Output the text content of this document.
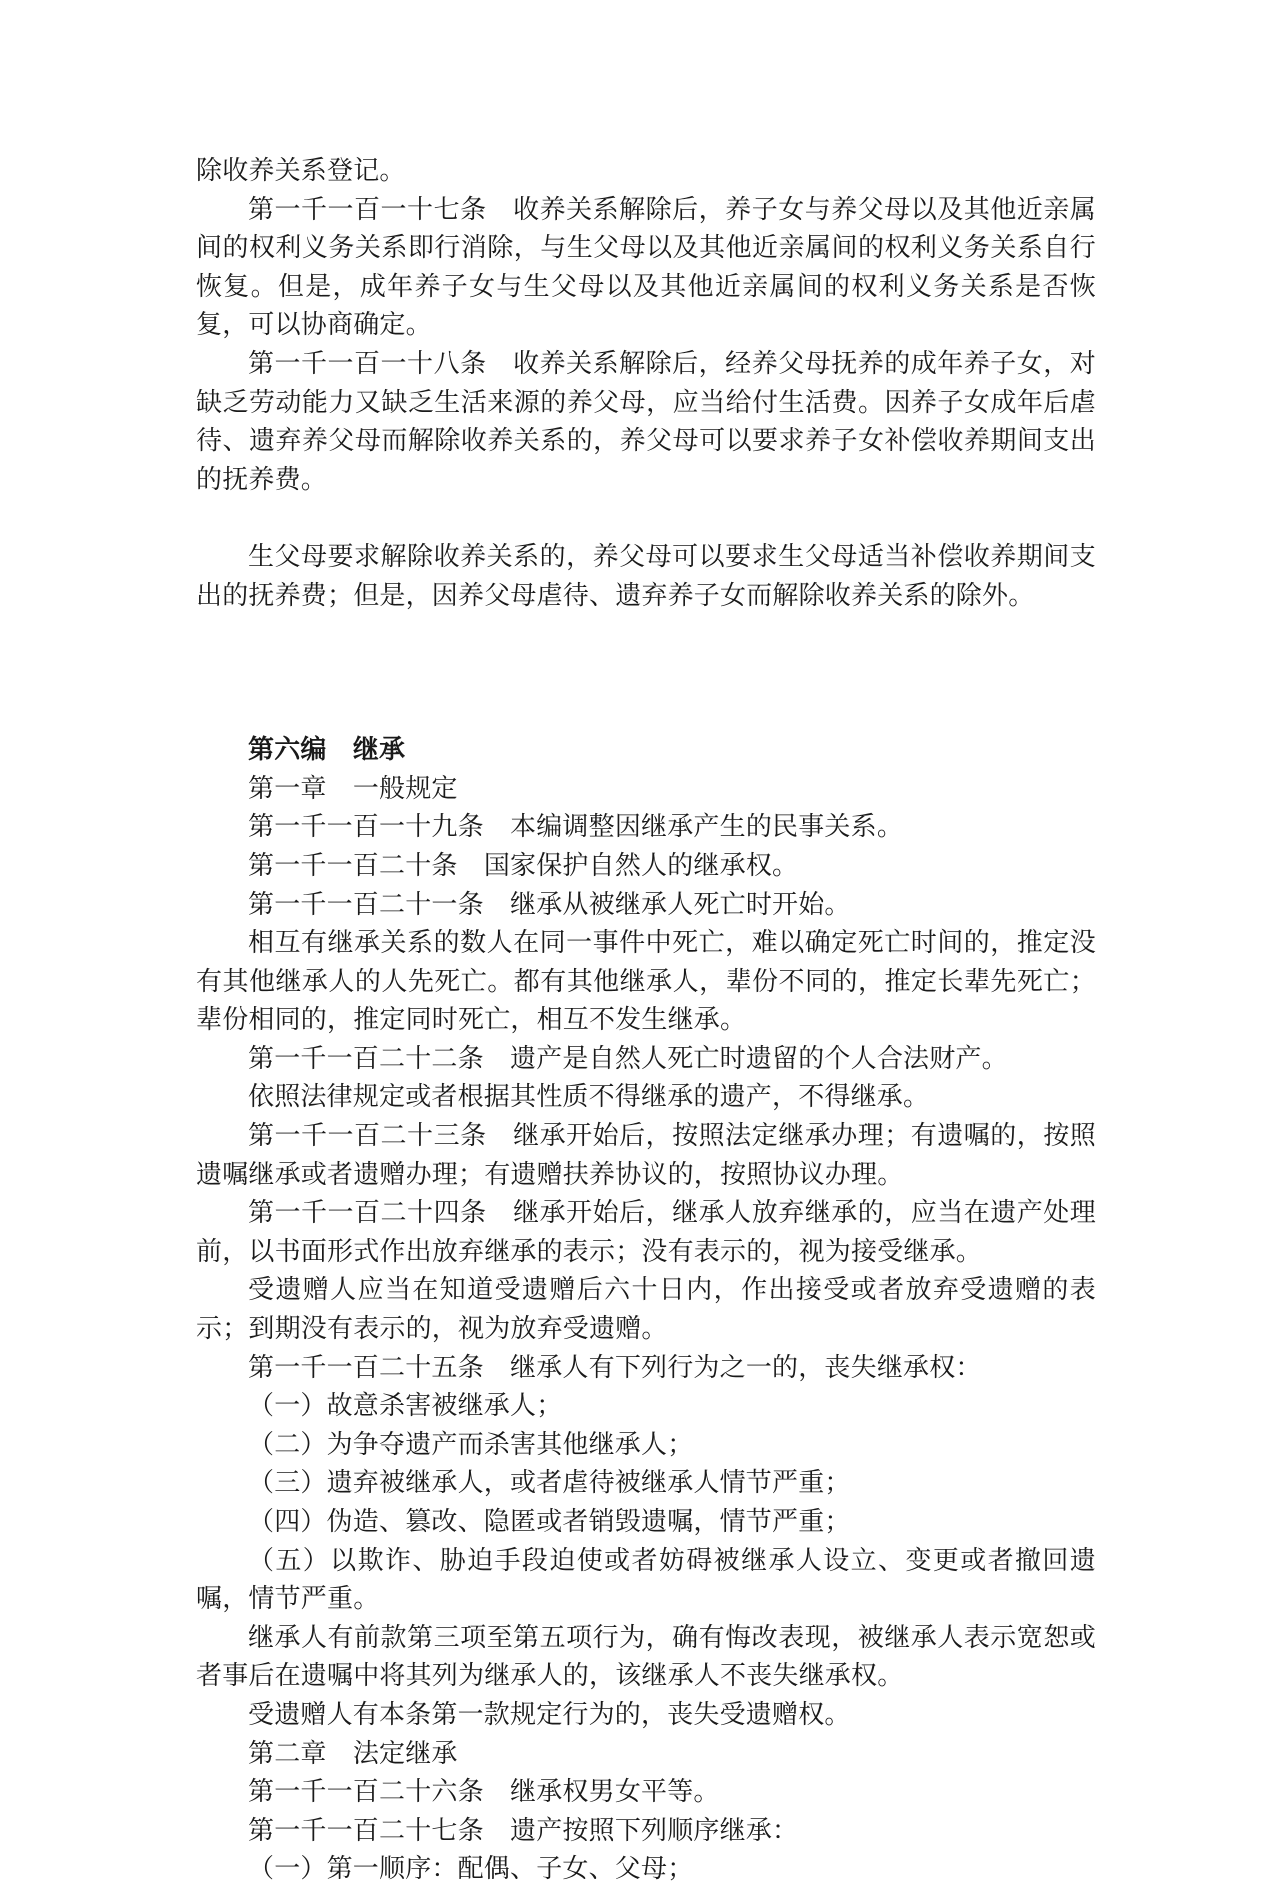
除收养关系登记。

第一千一百一十七条　 收养关系解除后，养子女与养父母以及其他近亲属间的权利义务关系即行消除，与生父母以及其他近亲属间的权利义务关系自行恢复。但是，成年养子女与生父母以及其他近亲属间的权利义务关系是否恢复，可以协商确定。

第一千一百一十八条　 收养关系解除后，经养父母抚养的成年养子女，对缺乏劳动能力又缺乏生活来源的养父母，应当给付生活费。因养子女成年后虐待、遗弃养父母而解除收养关系的，养父母可以要求养子女补偿收养期间支出的抚养费。

生父母要求解除收养关系的，养父母可以要求生父母适当补偿收养期间支出的抚养费；但是，因养父母虐待、遗弃养子女而解除收养关系的除外。

第六编　 继承

第一章　 一般规定

第一千一百一十九条　 本编调整因继承产生的民事关系。

第一千一百二十条　 国家保护自然人的继承权。

第一千一百二十一条　 继承从被继承人死亡时开始。

相互有继承关系的数人在同一事件中死亡，难以确定死亡时间的，推定没有其他继承人的人先死亡。都有其他继承人，辈份不同的，推定长辈先死亡；辈份相同的，推定同时死亡，相互不发生继承。

第一千一百二十二条　 遗产是自然人死亡时遗留的个人合法财产。

依照法律规定或者根据其性质不得继承的遗产，不得继承。

第一千一百二十三条　 继承开始后，按照法定继承办理；有遗嘱的，按照遗嘱继承或者遗赠办理；有遗赠扶养协议的，按照协议办理。

第一千一百二十四条　 继承开始后，继承人放弃继承的，应当在遗产处理前，以书面形式作出放弃继承的表示；没有表示的，视为接受继承。

受遗赠人应当在知道受遗赠后六十日内，作出接受或者放弃受遗赠的表示；到期没有表示的，视为放弃受遗赠。

第一千一百二十五条　 继承人有下列行为之一的，丧失继承权：

（一）故意杀害被继承人；

（二）为争夺遗产而杀害其他继承人；

（三）遗弃被继承人，或者虐待被继承人情节严重；

（四）伪造、篡改、隐匿或者销毁遗嘱，情节严重；

（五）以欺诈、胁迫手段迫使或者妨碍被继承人设立、变更或者撤回遗嘱，情节严重。

继承人有前款第三项至第五项行为，确有悔改表现，被继承人表示宽恕或者事后在遗嘱中将其列为继承人的，该继承人不丧失继承权。

受遗赠人有本条第一款规定行为的，丧失受遗赠权。

第二章　 法定继承

第一千一百二十六条　 继承权男女平等。

第一千一百二十七条　 遗产按照下列顺序继承：

（一）第一顺序：配偶、子女、父母；
